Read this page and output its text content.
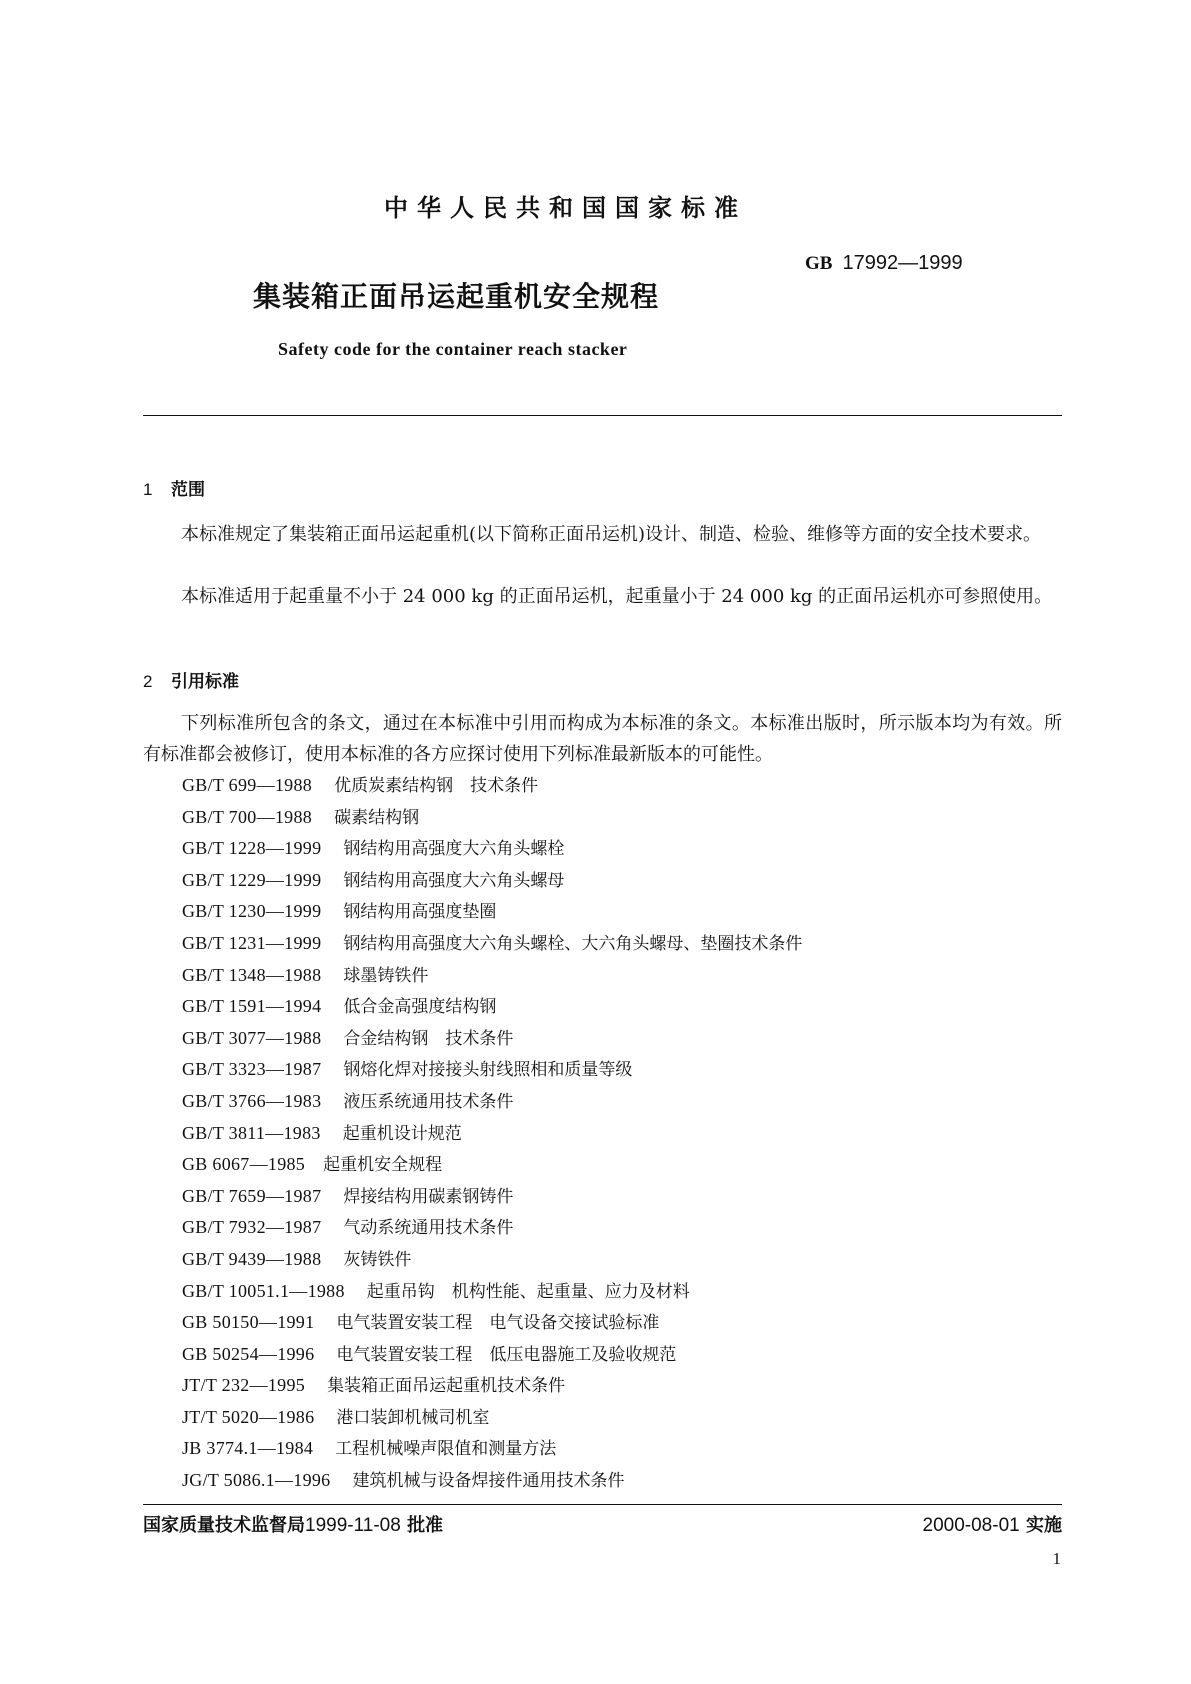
中华人民共和国国家标准
GB 17992—1999
集装箱正面吊运起重机安全规程
Safety code for the container reach stacker
1 范围
本标准规定了集装箱正面吊运起重机(以下简称正面吊运机)设计、制造、检验、维修等方面的安全技术要求。
本标准适用于起重量不小于 24 000 kg 的正面吊运机，起重量小于 24 000 kg 的正面吊运机亦可参照使用。
2 引用标准
下列标准所包含的条文，通过在本标准中引用而构成为本标准的条文。本标准出版时，所示版本均为有效。所有标准都会被修订，使用本标准的各方应探讨使用下列标准最新版本的可能性。
GB/T 699—1988 优质炭素结构钢　技术条件
GB/T 700—1988 碳素结构钢
GB/T 1228—1999 钢结构用高强度大六角头螺栓
GB/T 1229—1999 钢结构用高强度大六角头螺母
GB/T 1230—1999 钢结构用高强度垫圈
GB/T 1231—1999 钢结构用高强度大六角头螺栓、大六角头螺母、垫圈技术条件
GB/T 1348—1988 球墨铸铁件
GB/T 1591—1994 低合金高强度结构钢
GB/T 3077—1988 合金结构钢　技术条件
GB/T 3323—1987 钢熔化焊对接接头射线照相和质量等级
GB/T 3766—1983 液压系统通用技术条件
GB/T 3811—1983 起重机设计规范
GB 6067—1985 起重机安全规程
GB/T 7659—1987 焊接结构用碳素钢铸件
GB/T 7932—1987 气动系统通用技术条件
GB/T 9439—1988 灰铸铁件
GB/T 10051.1—1988 起重吊钩　机构性能、起重量、应力及材料
GB 50150—1991 电气装置安装工程　电气设备交接试验标准
GB 50254—1996 电气装置安装工程　低压电器施工及验收规范
JT/T 232—1995 集装箱正面吊运起重机技术条件
JT/T 5020—1986 港口装卸机械司机室
JB 3774.1—1984 工程机械噪声限值和测量方法
JG/T 5086.1—1996 建筑机械与设备焊接件通用技术条件
国家质量技术监督局1999-11-08 批准	2000-08-01 实施
1
